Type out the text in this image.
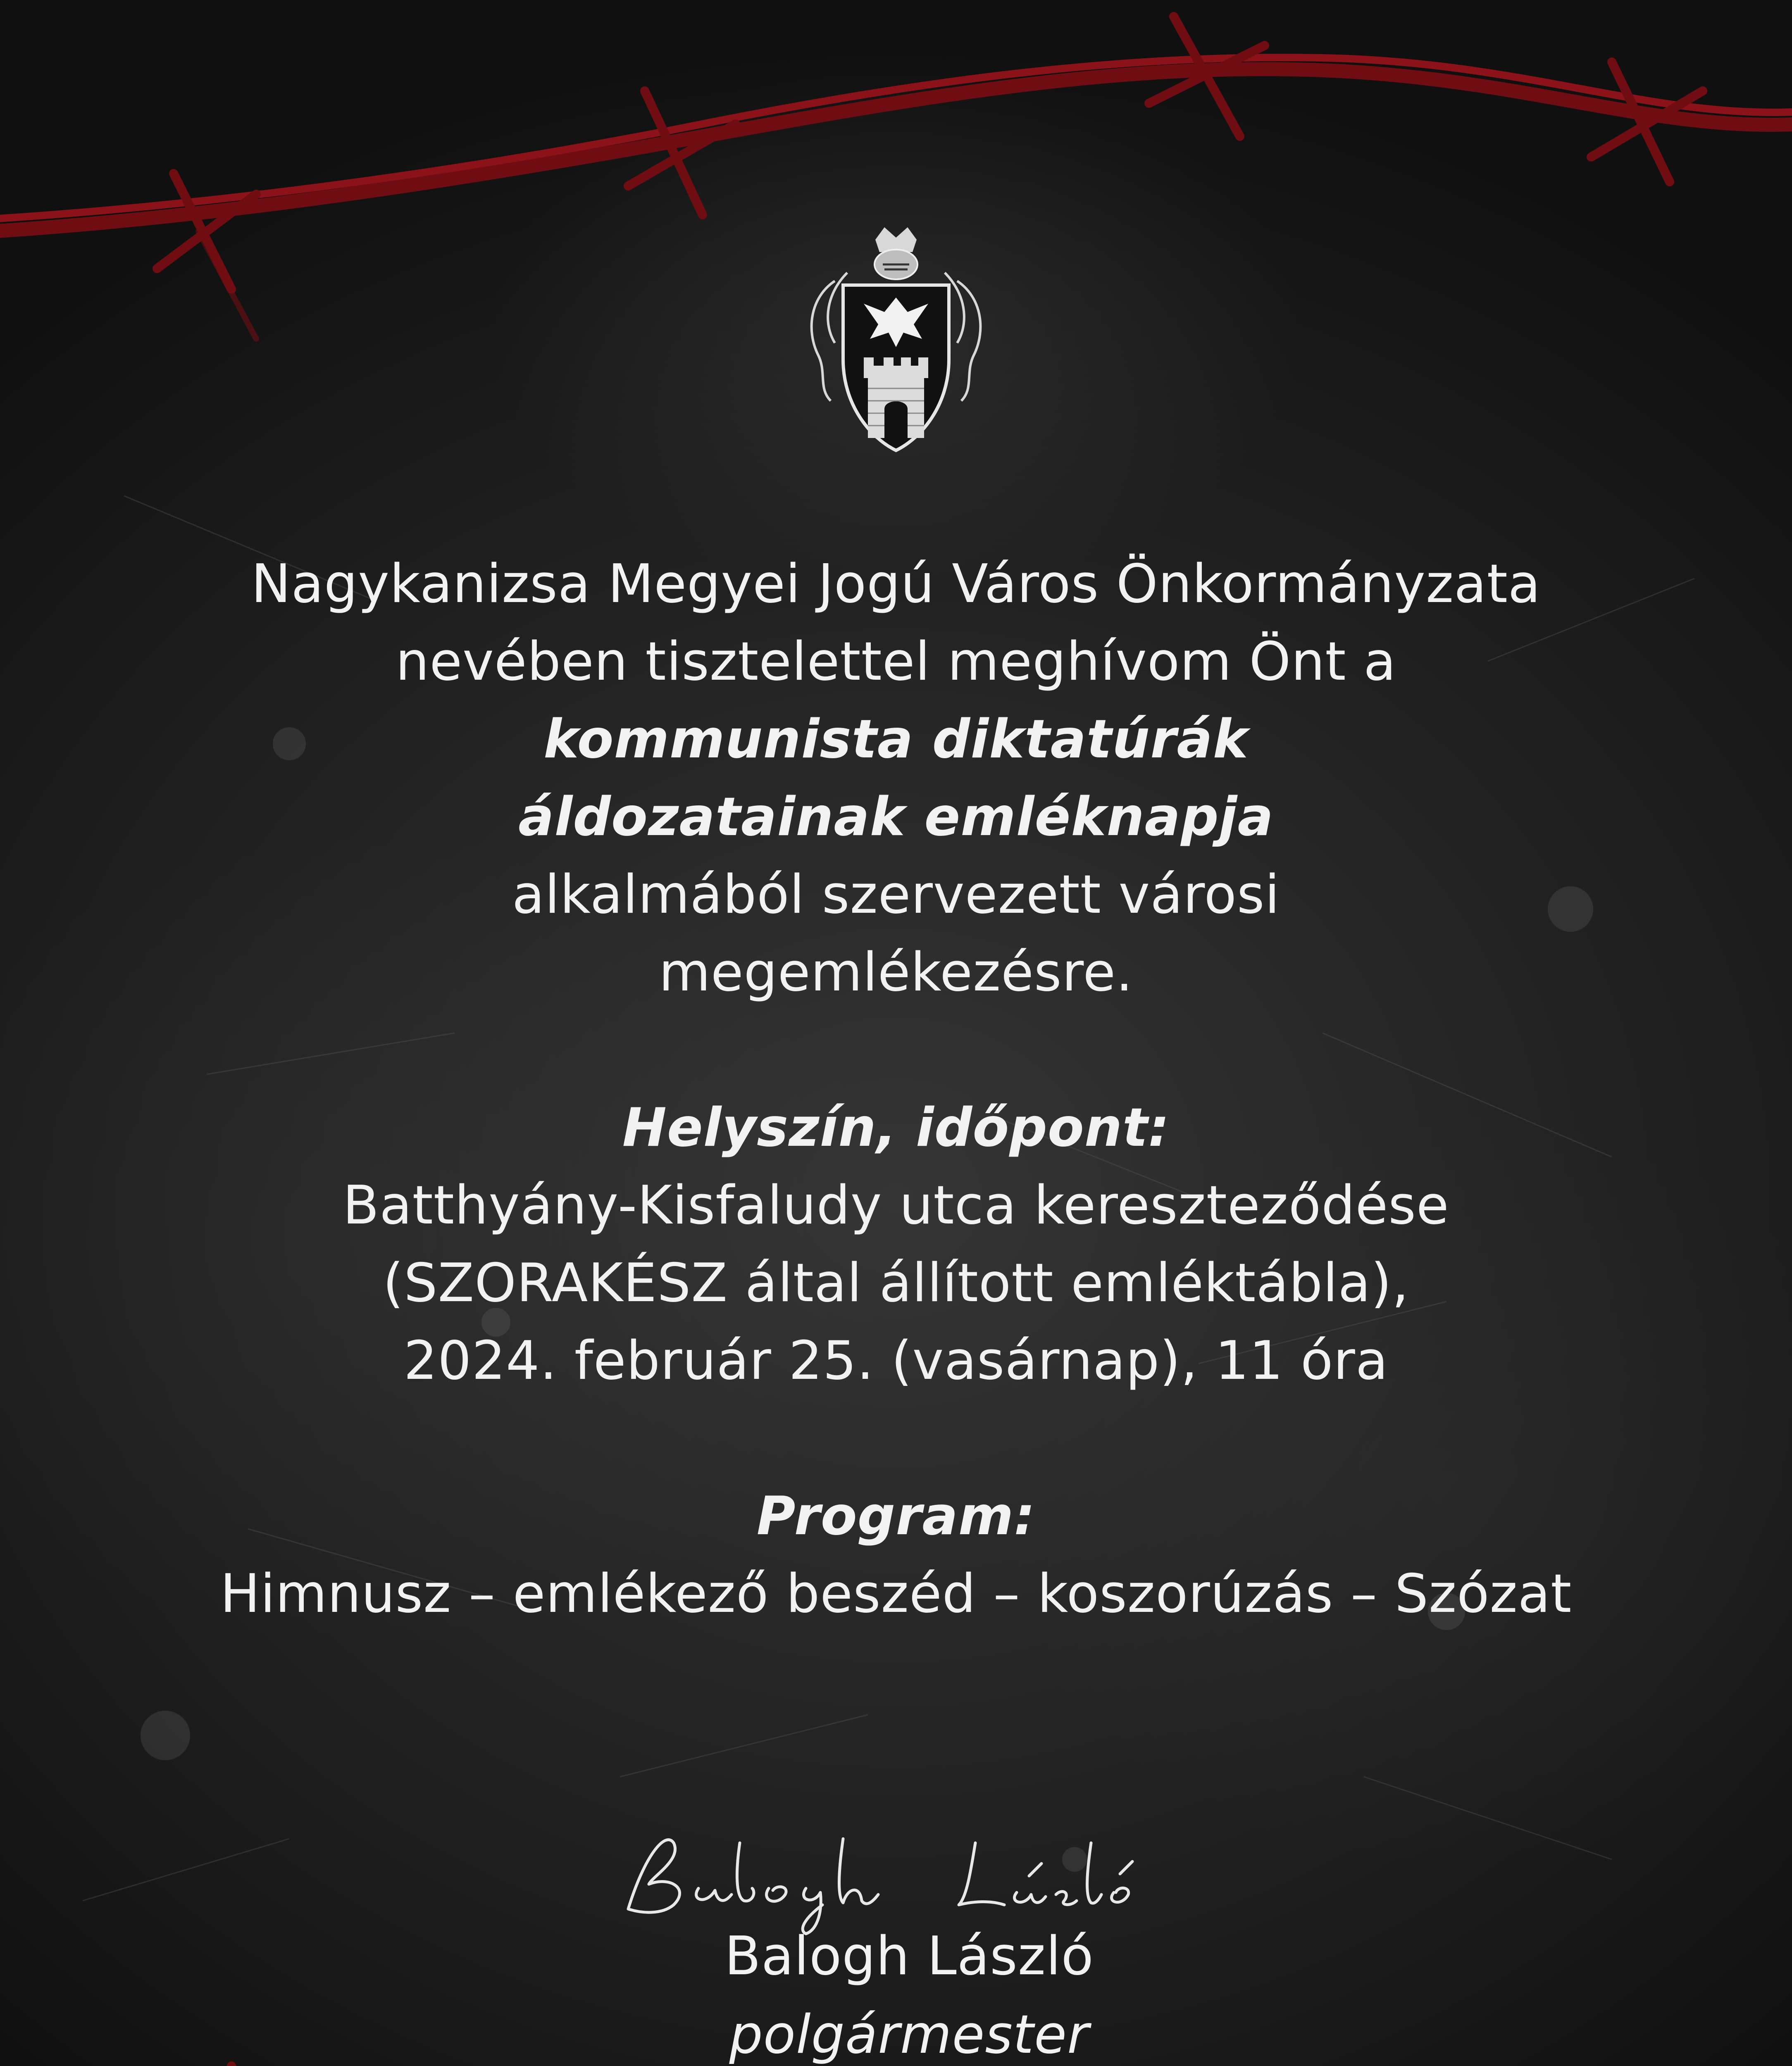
Nagykanizsa Megyei Jogú Város Önkormányzata
nevében tisztelettel meghívom Önt a
kommunista diktatúrák
áldozatainak emléknapja
alkalmából szervezett városi
megemlékezésre.
Helyszín, időpont:
Batthyány-Kisfaludy utca kereszteződése
(SZORAKÉSZ által állított emléktábla),
2024. február 25. (vasárnap), 11 óra
Program:
Himnusz – emlékező beszéd – koszorúzás – Szózat
Balogh László
polgármester
